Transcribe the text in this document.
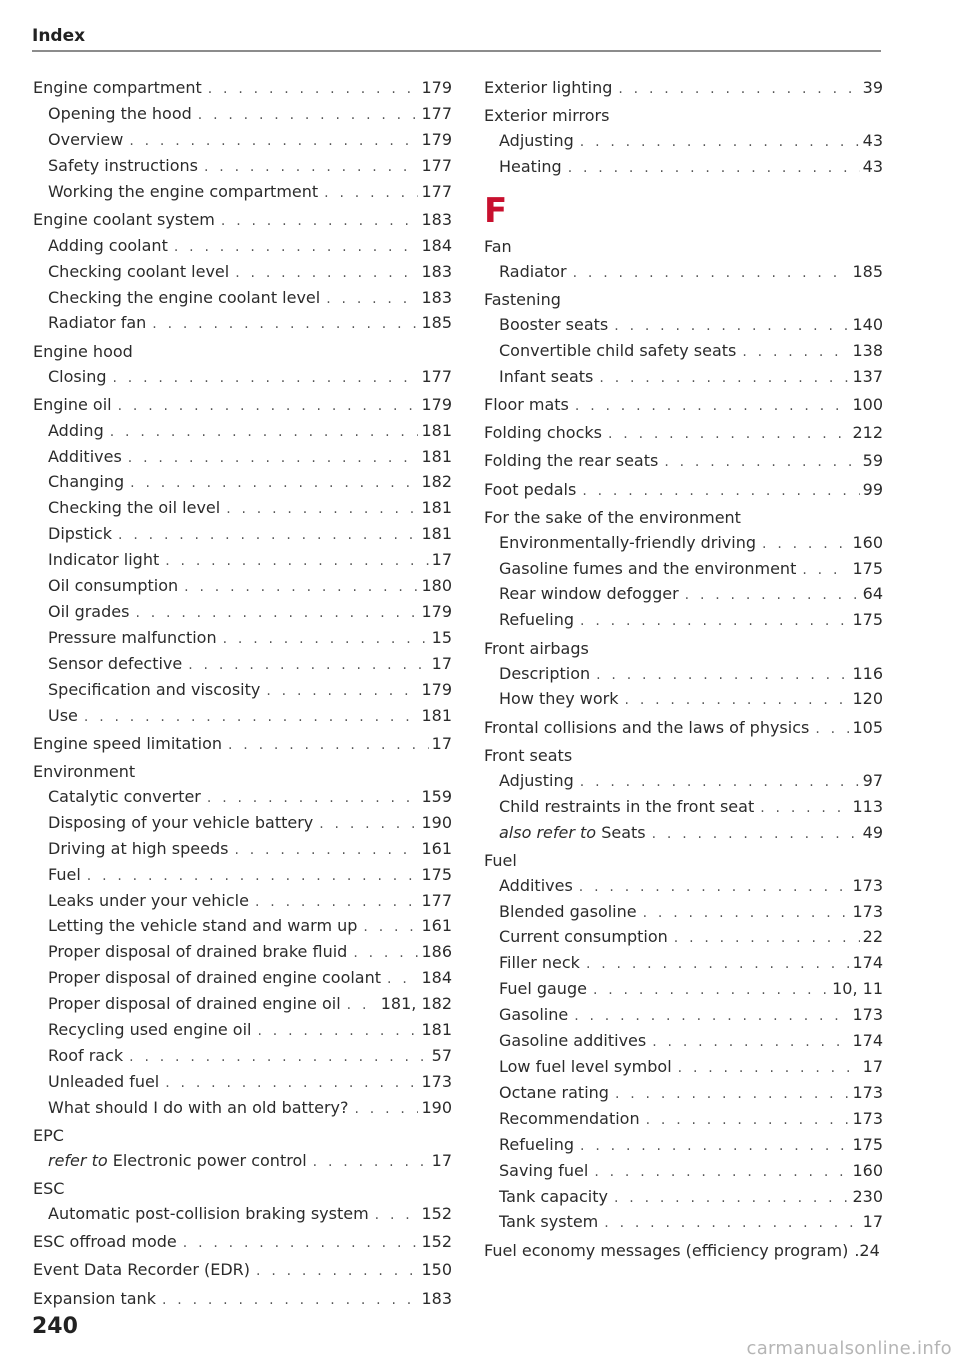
Index
Engine compartment . . .	179
Opening the hood . . .	177
Overview . . .	179
Safety instructions . . .	177
Working the engine compartment . . .	177
Engine coolant system . . .	183
Adding coolant . . .	184
Checking coolant level . . .	183
Checking the engine coolant level . . .	183
Radiator fan . . .	185
Engine hood
Closing . . .	177
Engine oil . . .	179
Adding . . .	181
Additives . . .	181
Changing . . .	182
Checking the oil level . . .	181
Dipstick . . .	181
Indicator light . . .	17
Oil consumption . . .	180
Oil grades . . .	179
Pressure malfunction . . .	15
Sensor defective . . .	17
Specification and viscosity . . .	179
Use . . .	181
Engine speed limitation . . .	17
Environment
Catalytic converter . . .	159
Disposing of your vehicle battery . . .	190
Driving at high speeds . . .	161
Fuel . . .	175
Leaks under your vehicle . . .	177
Letting the vehicle stand and warm up . . .	161
Proper disposal of drained brake fluid . . .	186
Proper disposal of drained engine coolant . . .	184
Proper disposal of drained engine oil . . .	181, 182
Recycling used engine oil . . .	181
Roof rack . . .	57
Unleaded fuel . . .	173
What should I do with an old battery? . . .	190
EPC
refer to Electronic power control . . .	17
ESC
Automatic post-collision braking system . . .	152
ESC offroad mode . . .	152
Event Data Recorder (EDR) . . .	150
Expansion tank . . .	183
Exterior lighting . . .	39
Exterior mirrors
Adjusting . . .	43
Heating . . .	43
F
Fan
Radiator . . .	185
Fastening
Booster seats . . .	140
Convertible child safety seats . . .	138
Infant seats . . .	137
Floor mats . . .	100
Folding chocks . . .	212
Folding the rear seats . . .	59
Foot pedals . . .	99
For the sake of the environment
Environmentally-friendly driving . . .	160
Gasoline fumes and the environment . . .	175
Rear window defogger . . .	64
Refueling . . .	175
Front airbags
Description . . .	116
How they work . . .	120
Frontal collisions and the laws of physics . . .	105
Front seats
Adjusting . . .	97
Child restraints in the front seat . . .	113
also refer to Seats . . .	49
Fuel
Additives . . .	173
Blended gasoline . . .	173
Current consumption . . .	22
Filler neck . . .	174
Fuel gauge . . .	10, 11
Gasoline . . .	173
Gasoline additives . . .	174
Low fuel level symbol . . .	17
Octane rating . . .	173
Recommendation . . .	173
Refueling . . .	175
Saving fuel . . .	160
Tank capacity . . .	230
Tank system . . .	17
Fuel economy messages (efficiency program) .24
240
carmanualsonline.info
